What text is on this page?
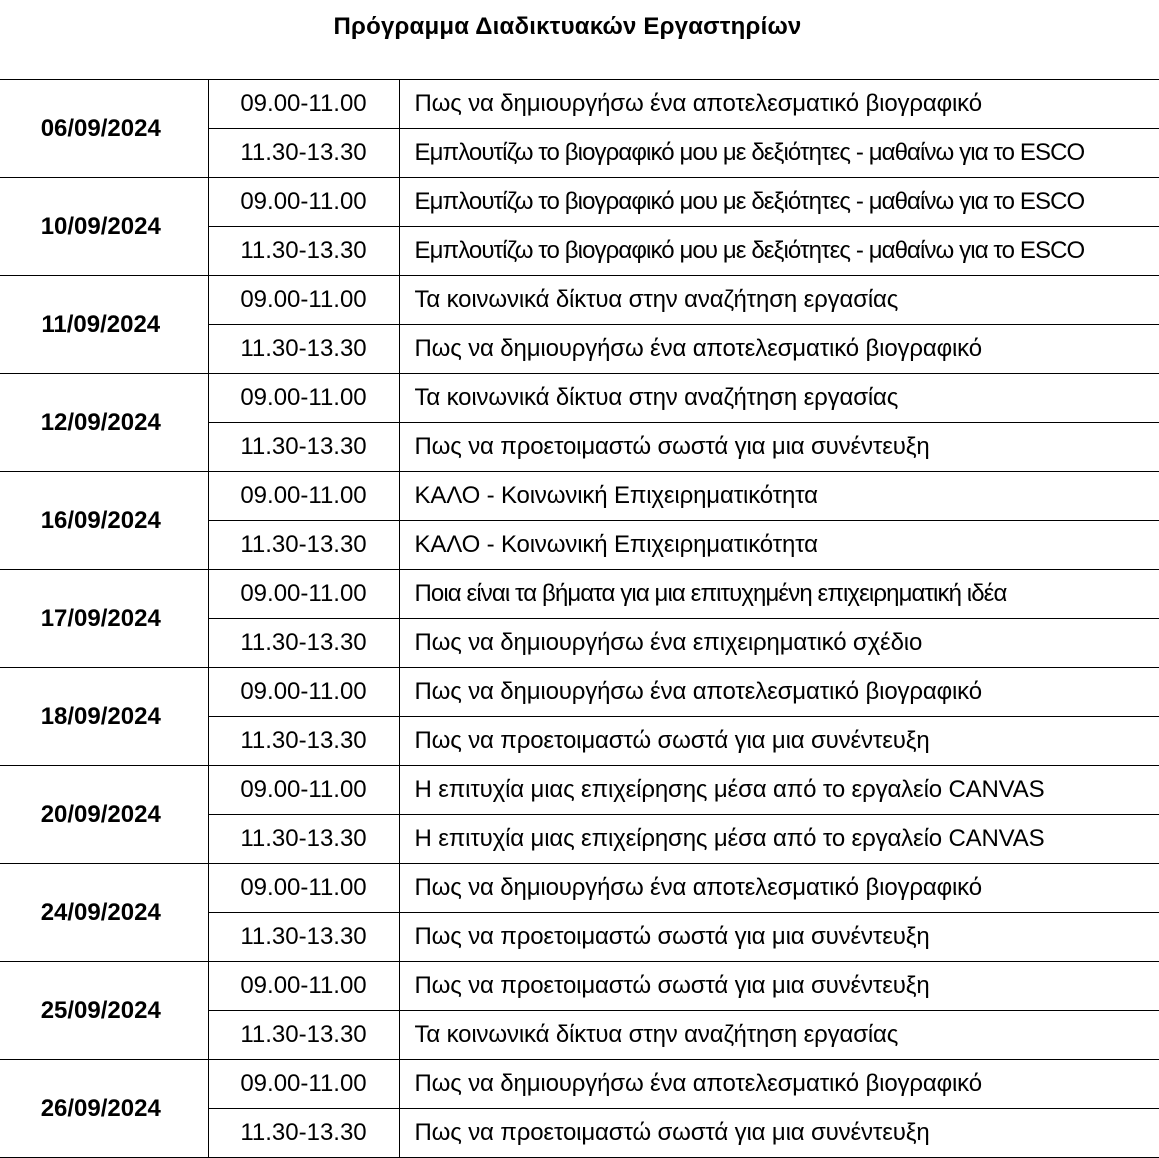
Πρόγραμμα Διαδικτυακών Εργαστηρίων
06/09/2024	09.00-11.00	Πως να δημιουργήσω ένα αποτελεσματικό βιογραφικό
	11.30-13.30	Εμπλουτίζω το βιογραφικό μου με δεξιότητες - μαθαίνω για το ESCO
10/09/2024	09.00-11.00	Εμπλουτίζω το βιογραφικό μου με δεξιότητες - μαθαίνω για το ESCO
	11.30-13.30	Εμπλουτίζω το βιογραφικό μου με δεξιότητες - μαθαίνω για το ESCO
11/09/2024	09.00-11.00	Τα κοινωνικά δίκτυα στην αναζήτηση εργασίας
	11.30-13.30	Πως να δημιουργήσω ένα αποτελεσματικό βιογραφικό
12/09/2024	09.00-11.00	Τα κοινωνικά δίκτυα στην αναζήτηση εργασίας
	11.30-13.30	Πως να προετοιμαστώ σωστά για μια συνέντευξη
16/09/2024	09.00-11.00	ΚΑΛΟ - Κοινωνική Επιχειρηματικότητα
	11.30-13.30	ΚΑΛΟ - Κοινωνική Επιχειρηματικότητα
17/09/2024	09.00-11.00	Ποια είναι τα βήματα για μια επιτυχημένη επιχειρηματική ιδέα
	11.30-13.30	Πως να δημιουργήσω ένα επιχειρηματικό σχέδιο
18/09/2024	09.00-11.00	Πως να δημιουργήσω ένα αποτελεσματικό βιογραφικό
	11.30-13.30	Πως να προετοιμαστώ σωστά για μια συνέντευξη
20/09/2024	09.00-11.00	Η επιτυχία μιας επιχείρησης μέσα από το εργαλείο CANVAS
	11.30-13.30	Η επιτυχία μιας επιχείρησης μέσα από το εργαλείο CANVAS
24/09/2024	09.00-11.00	Πως να δημιουργήσω ένα αποτελεσματικό βιογραφικό
	11.30-13.30	Πως να προετοιμαστώ σωστά για μια συνέντευξη
25/09/2024	09.00-11.00	Πως να προετοιμαστώ σωστά για μια συνέντευξη
	11.30-13.30	Τα κοινωνικά δίκτυα στην αναζήτηση εργασίας
26/09/2024	09.00-11.00	Πως να δημιουργήσω ένα αποτελεσματικό βιογραφικό
	11.30-13.30	Πως να προετοιμαστώ σωστά για μια συνέντευξη
